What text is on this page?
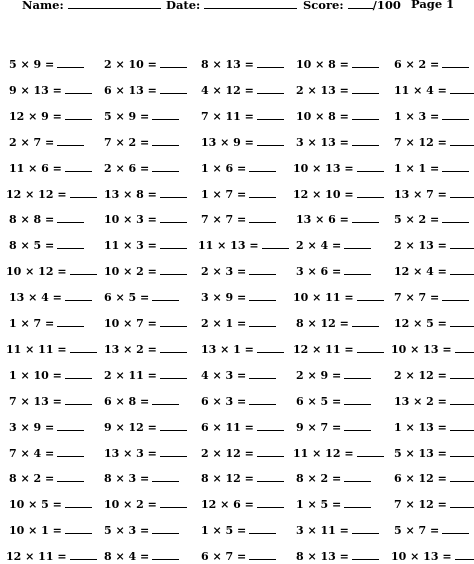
Name:	Date:	Score:	/100 Page 1
5 × 9 =	2 × 10 =	8 × 13 =	10 × 8 =	6 × 2 =
9 × 13 =	6 × 13 =	4 × 12 =	2 × 13 =	11 × 4 =
12 × 9 =	5 × 9 =	7 × 11 =	10 × 8 =	1 × 3 =
2 × 7 =	7 × 2 =	13 × 9 =	3 × 13 =	7 × 12 =
11 × 6 =	2 × 6 =	1 × 6 =	10 × 13 =	1 × 1 =
12 × 12 =	13 × 8 =	1 × 7 =	12 × 10 =	13 × 7 =
8 × 8 =	10 × 3 =	7 × 7 =	13 × 6 =	5 × 2 =
8 × 5 =	11 × 3 =	11 × 13 =	2 × 4 =	2 × 13 =
10 × 12 =	10 × 2 =	2 × 3 =	3 × 6 =	12 × 4 =
13 × 4 =	6 × 5 =	3 × 9 =	10 × 11 =	7 × 7 =
1 × 7 =	10 × 7 =	2 × 1 =	8 × 12 =	12 × 5 =
11 × 11 =	13 × 2 =	13 × 1 =	12 × 11 =	10 × 13 =
1 × 10 =	2 × 11 =	4 × 3 =	2 × 9 =	2 × 12 =
7 × 13 =	6 × 8 =	6 × 3 =	6 × 5 =	13 × 2 =
3 × 9 =	9 × 12 =	6 × 11 =	9 × 7 =	1 × 13 =
7 × 4 =	13 × 3 =	2 × 12 =	11 × 12 =	5 × 13 =
8 × 2 =	8 × 3 =	8 × 12 =	8 × 2 =	6 × 12 =
10 × 5 =	10 × 2 =	12 × 6 =	1 × 5 =	7 × 12 =
10 × 1 =	5 × 3 =	1 × 5 =	3 × 11 =	5 × 7 =
12 × 11 =	8 × 4 =	6 × 7 =	8 × 13 =	10 × 13 =
